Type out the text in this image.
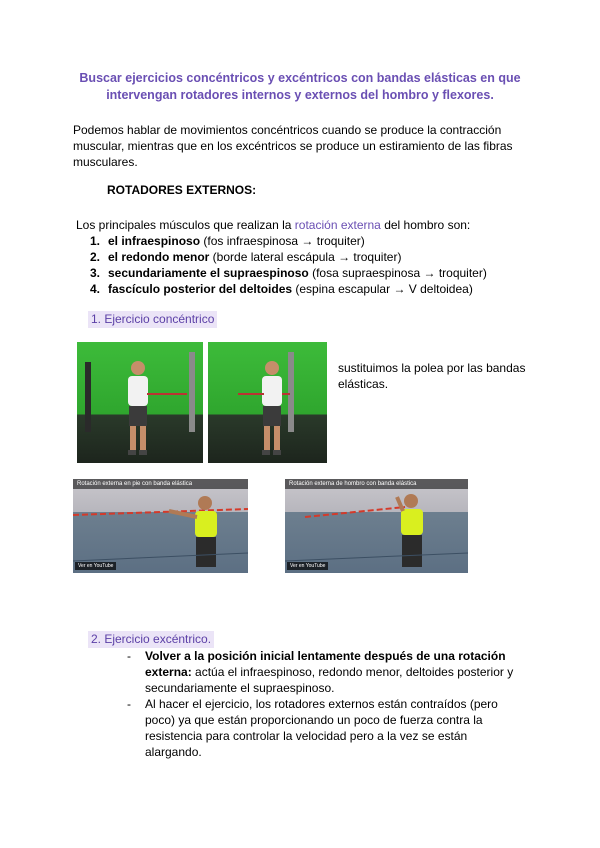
Buscar ejercicios concéntricos y excéntricos con bandas elásticas en que intervengan rotadores internos y externos del hombro y flexores.
Podemos hablar de movimientos concéntricos cuando se produce la contracción muscular, mientras que en los excéntricos se produce un estiramiento de las fibras musculares.
ROTADORES EXTERNOS:
Los principales músculos que realizan la rotación externa del hombro son:
1. el infraespinoso (fos infraespinosa → troquiter)
2. el redondo menor (borde lateral escápula → troquiter)
3. secundariamente el supraespinoso (fosa supraespinosa → troquiter)
4. fascículo posterior del deltoides (espina escapular → V deltoidea)
1. Ejercicio concéntrico
sustituimos la polea por las bandas elásticas.
Rotación externa en pie con banda elástica
Ver en YouTube
Rotación externa de hombro con banda elástica
Ver en YouTube
2. Ejercicio excéntrico.
- Volver a la posición inicial lentamente después de una rotación externa: actúa el infraespinoso, redondo menor, deltoides posterior y secundariamente el supraespinoso.
- Al hacer el ejercicio, los rotadores externos están contraídos (pero poco) ya que están proporcionando un poco de fuerza contra la resistencia para controlar la velocidad pero a la vez se están alargando.
